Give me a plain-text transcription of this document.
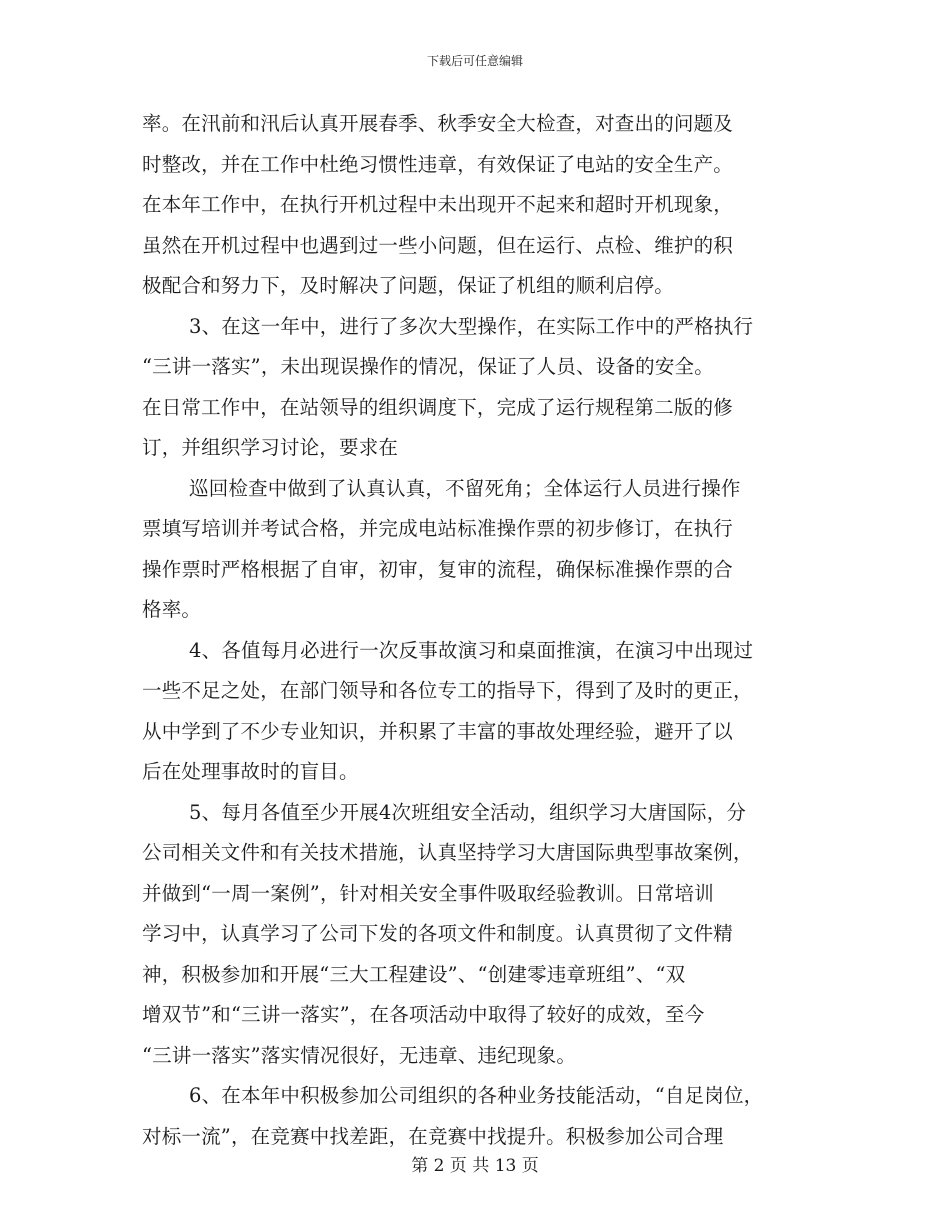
下载后可任意编辑
率。在汛前和汛后认真开展春季、秋季安全大检查，对查出的问题及
时整改，并在工作中杜绝习惯性违章，有效保证了电站的安全生产。
在本年工作中，在执行开机过程中未出现开不起来和超时开机现象，
虽然在开机过程中也遇到过一些小问题，但在运行、点检、维护的积
极配合和努力下，及时解决了问题，保证了机组的顺利启停。
3、在这一年中，进行了多次大型操作，在实际工作中的严格执行
“三讲一落实”，未出现误操作的情况，保证了人员、设备的安全。
在日常工作中，在站领导的组织调度下，完成了运行规程第二版的修
订，并组织学习讨论，要求在
巡回检查中做到了认真认真，不留死角；全体运行人员进行操作
票填写培训并考试合格，并完成电站标准操作票的初步修订，在执行
操作票时严格根据了自审，初审，复审的流程，确保标准操作票的合
格率。
4、各值每月必进行一次反事故演习和桌面推演，在演习中出现过
一些不足之处，在部门领导和各位专工的指导下，得到了及时的更正，
从中学到了不少专业知识，并积累了丰富的事故处理经验，避开了以
后在处理事故时的盲目。
5、每月各值至少开展4次班组安全活动，组织学习大唐国际，分
公司相关文件和有关技术措施，认真坚持学习大唐国际典型事故案例，
并做到“一周一案例”，针对相关安全事件吸取经验教训。日常培训
学习中，认真学习了公司下发的各项文件和制度。认真贯彻了文件精
神，积极参加和开展“三大工程建设”、“创建零违章班组”、“双
增双节”和“三讲一落实”，在各项活动中取得了较好的成效，至今
“三讲一落实”落实情况很好，无违章、违纪现象。
6、在本年中积极参加公司组织的各种业务技能活动，“自足岗位，
对标一流”，在竞赛中找差距，在竞赛中找提升。积极参加公司合理
第 2 页 共 13 页
